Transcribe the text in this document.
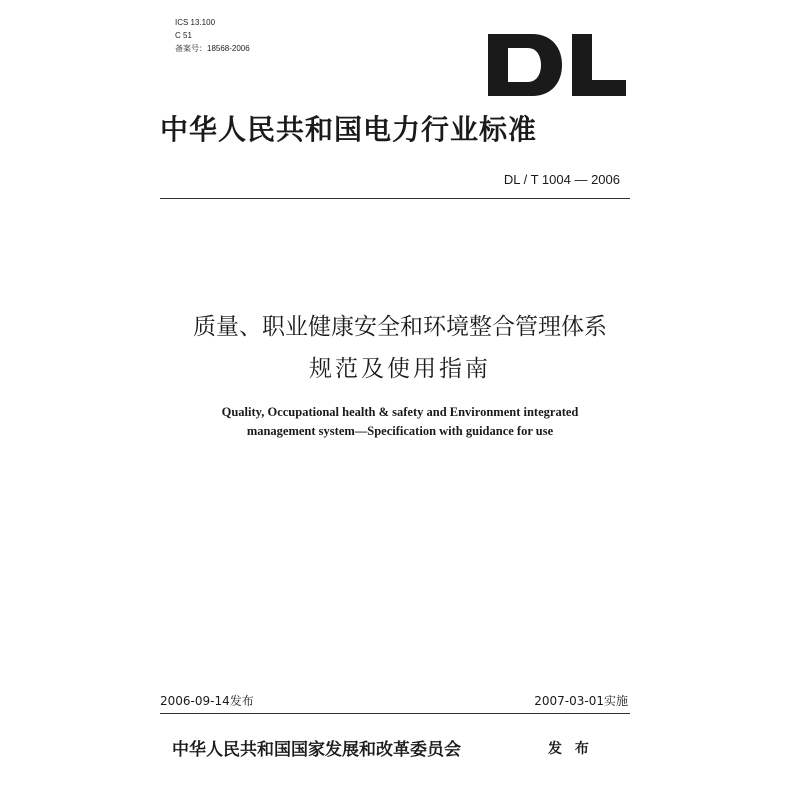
ICS 13.100
C 51
备案号：18568-2006
中华人民共和国电力行业标准
DL / T 1004 — 2006
质量、职业健康安全和环境整合管理体系
规范及使用指南
Quality, Occupational health & safety and Environment integrated
management system—Specification with guidance for use
2006-09-14发布	2007-03-01实施
中华人民共和国国家发展和改革委员会	发 布
